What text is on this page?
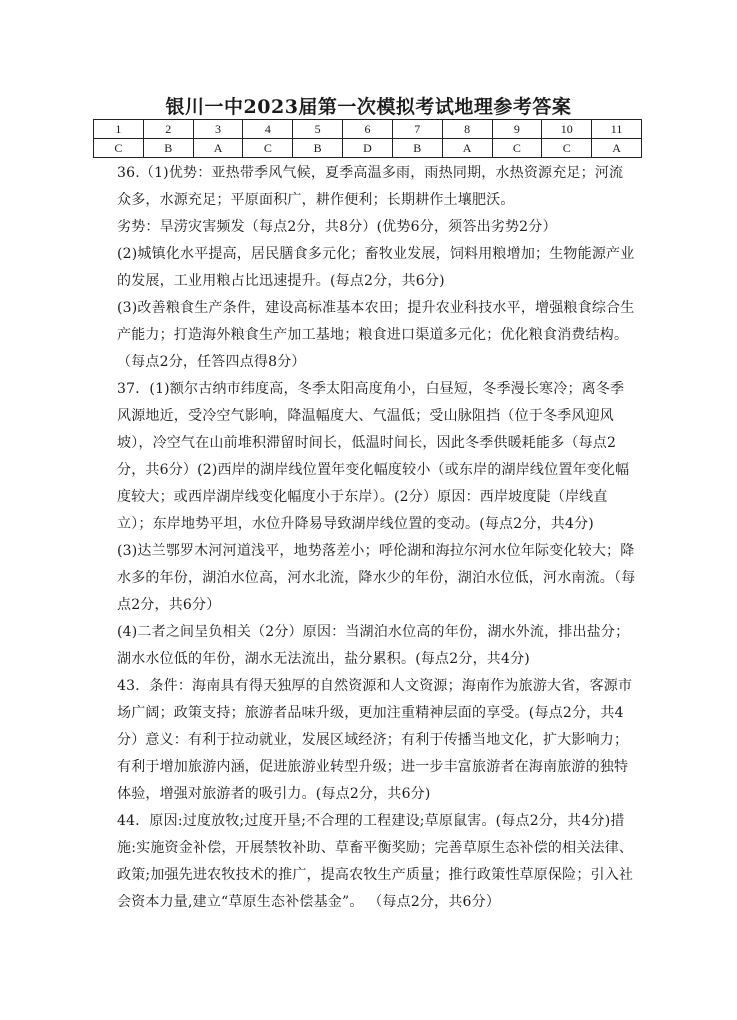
银川一中2023届第一次模拟考试地理参考答案
1	2	3	4	5	6	7	8	9	10	11
C	B	A	C	B	D	B	A	C	C	A

36.（1)优势：亚热带季风气候，夏季高温多雨，雨热同期，水热资源充足；河流众多，水源充足；平原面积广，耕作便利；长期耕作土壤肥沃。

劣势：旱涝灾害频发（每点2分，共8分）(优势6分，须答出劣势2分）

(2)城镇化水平提高，居民膳食多元化；畜牧业发展，饲料用粮增加；生物能源产业的发展，工业用粮占比迅速提升。(每点2分，共6分)

(3)改善粮食生产条件，建设高标准基本农田；提升农业科技水平，增强粮食综合生产能力；打造海外粮食生产加工基地；粮食进口渠道多元化；优化粮食消费结构。（每点2分，任答四点得8分）

37．(1)额尔古纳市纬度高，冬季太阳高度角小，白昼短，冬季漫长寒冷；离冬季风源地近，受冷空气影响，降温幅度大、气温低；受山脉阻挡（位于冬季风迎风坡），冷空气在山前堆积滞留时间长，低温时间长，因此冬季供暖耗能多（每点2分，共6分）(2)西岸的湖岸线位置年变化幅度较小（或东岸的湖岸线位置年变化幅度较大；或西岸湖岸线变化幅度小于东岸）。(2分）原因：西岸坡度陡（岸线直立）；东岸地势平坦，水位升降易导致湖岸线位置的变动。(每点2分，共4分)

(3)达兰鄂罗木河河道浅平，地势落差小；呼伦湖和海拉尔河水位年际变化较大；降水多的年份，湖泊水位高，河水北流，降水少的年份，湖泊水位低，河水南流。（每点2分，共6分）

(4)二者之间呈负相关（2分）原因：当湖泊水位高的年份，湖水外流，排出盐分；湖水水位低的年份，湖水无法流出，盐分累积。(每点2分，共4分)

43．条件：海南具有得天独厚的自然资源和人文资源；海南作为旅游大省，客源市场广阔；政策支持；旅游者品味升级，更加注重精神层面的享受。(每点2分，共4分）意义：有利于拉动就业，发展区域经济；有利于传播当地文化，扩大影响力；有利于增加旅游内涵，促进旅游业转型升级；进一步丰富旅游者在海南旅游的独特体验，增强对旅游者的吸引力。(每点2分，共6分)

44．原因:过度放牧;过度开垦;不合理的工程建设;草原鼠害。(每点2分，共4分)措施:实施资金补偿，开展禁牧补助、草畜平衡奖励；完善草原生态补偿的相关法律、政策;加强先进农牧技术的推广，提高农牧生产质量；推行政策性草原保险；引入社会资本力量,建立“草原生态补偿基金”。 （每点2分，共6分）
